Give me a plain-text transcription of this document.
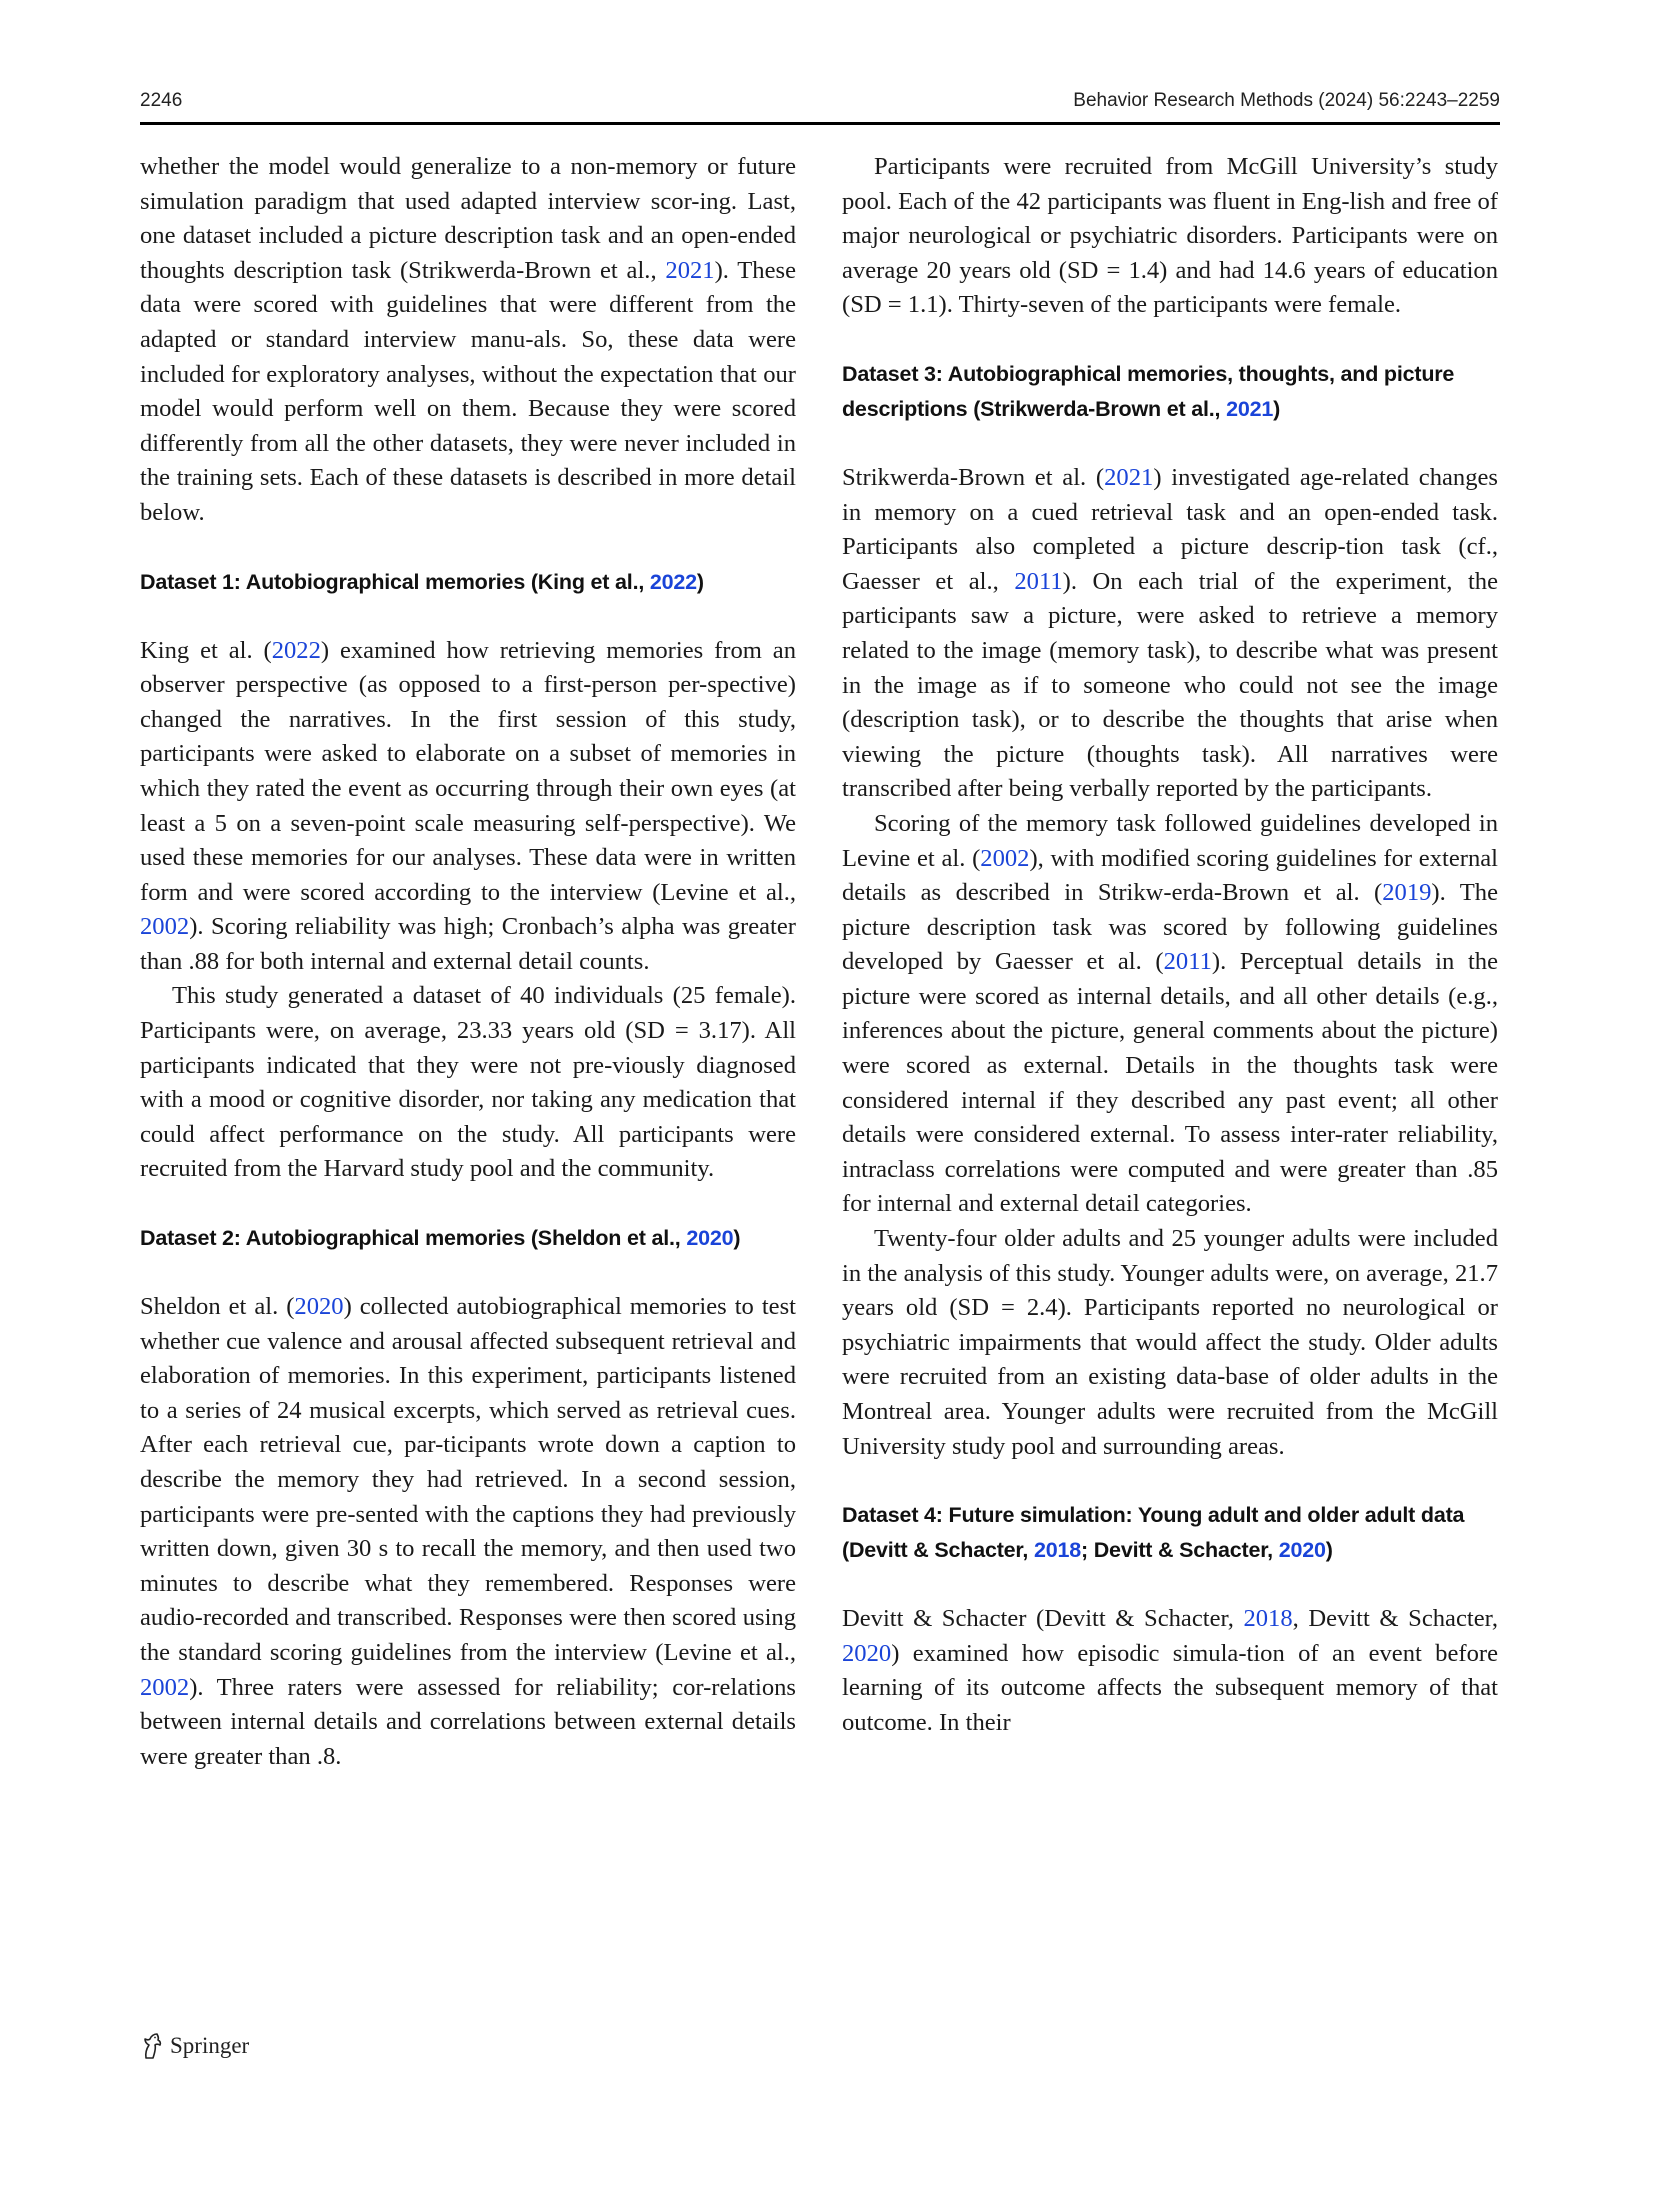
2246	Behavior Research Methods (2024) 56:2243–2259

whether the model would generalize to a non-memory or future simulation paradigm that used adapted interview scor-ing. Last, one dataset included a picture description task and an open-ended thoughts description task (Strikwerda-Brown et al., 2021). These data were scored with guidelines that were different from the adapted or standard interview manu-als. So, these data were included for exploratory analyses, without the expectation that our model would perform well on them. Because they were scored differently from all the other datasets, they were never included in the training sets. Each of these datasets is described in more detail below.

Dataset 1: Autobiographical memories (King et al., 2022)

King et al. (2022) examined how retrieving memories from an observer perspective (as opposed to a first-person per-spective) changed the narratives. In the first session of this study, participants were asked to elaborate on a subset of memories in which they rated the event as occurring through their own eyes (at least a 5 on a seven-point scale measuring self-perspective). We used these memories for our analyses. These data were in written form and were scored according to the interview (Levine et al., 2002). Scoring reliability was high; Cronbach’s alpha was greater than .88 for both internal and external detail counts.

This study generated a dataset of 40 individuals (25 female). Participants were, on average, 23.33 years old (SD = 3.17). All participants indicated that they were not pre-viously diagnosed with a mood or cognitive disorder, nor taking any medication that could affect performance on the study. All participants were recruited from the Harvard study pool and the community.

Dataset 2: Autobiographical memories (Sheldon et al., 2020)

Sheldon et al. (2020) collected autobiographical memories to test whether cue valence and arousal affected subsequent retrieval and elaboration of memories. In this experiment, participants listened to a series of 24 musical excerpts, which served as retrieval cues. After each retrieval cue, par-ticipants wrote down a caption to describe the memory they had retrieved. In a second session, participants were pre-sented with the captions they had previously written down, given 30 s to recall the memory, and then used two minutes to describe what they remembered. Responses were audio-recorded and transcribed. Responses were then scored using the standard scoring guidelines from the interview (Levine et al., 2002). Three raters were assessed for reliability; cor-relations between internal details and correlations between external details were greater than .8.

Participants were recruited from McGill University’s study pool. Each of the 42 participants was fluent in Eng-lish and free of major neurological or psychiatric disorders. Participants were on average 20 years old (SD = 1.4) and had 14.6 years of education (SD = 1.1). Thirty-seven of the participants were female.

Dataset 3: Autobiographical memories, thoughts, and picture descriptions (Strikwerda-Brown et al., 2021)

Strikwerda-Brown et al. (2021) investigated age-related changes in memory on a cued retrieval task and an open-ended task. Participants also completed a picture descrip-tion task (cf., Gaesser et al., 2011). On each trial of the experiment, the participants saw a picture, were asked to retrieve a memory related to the image (memory task), to describe what was present in the image as if to someone who could not see the image (description task), or to describe the thoughts that arise when viewing the picture (thoughts task). All narratives were transcribed after being verbally reported by the participants.

Scoring of the memory task followed guidelines developed in Levine et al. (2002), with modified scoring guidelines for external details as described in Strikw-erda-Brown et al. (2019). The picture description task was scored by following guidelines developed by Gaesser et al. (2011). Perceptual details in the picture were scored as internal details, and all other details (e.g., inferences about the picture, general comments about the picture) were scored as external. Details in the thoughts task were considered internal if they described any past event; all other details were considered external. To assess inter-rater reliability, intraclass correlations were computed and were greater than .85 for internal and external detail categories.

Twenty-four older adults and 25 younger adults were included in the analysis of this study. Younger adults were, on average, 21.7 years old (SD = 2.4). Participants reported no neurological or psychiatric impairments that would affect the study. Older adults were recruited from an existing data-base of older adults in the Montreal area. Younger adults were recruited from the McGill University study pool and surrounding areas.

Dataset 4: Future simulation: Young adult and older adult data (Devitt & Schacter, 2018; Devitt & Schacter, 2020)

Devitt & Schacter (Devitt & Schacter, 2018, Devitt & Schacter, 2020) examined how episodic simula-tion of an event before learning of its outcome affects the subsequent memory of that outcome. In their

Springer
